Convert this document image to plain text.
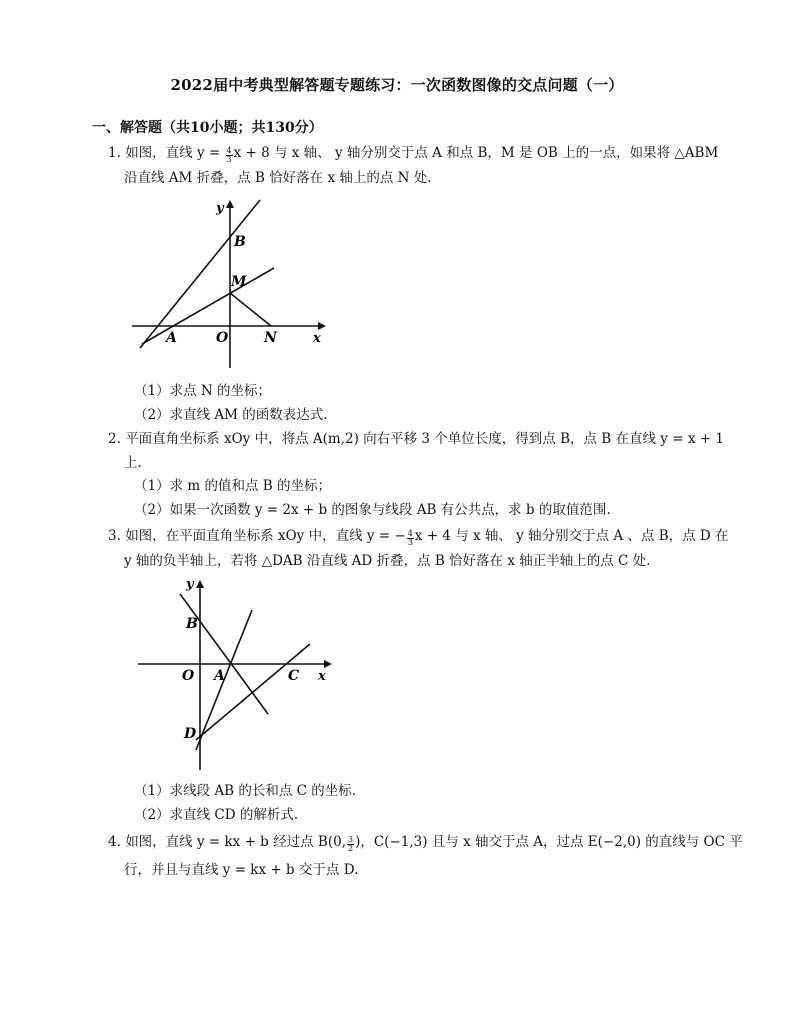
2022届中考典型解答题专题练习：一次函数图像的交点问题（一）
一、解答题（共10小题；共130分）
1. 如图，直线 $y = \frac{4}{3}$ x + 8 与 x 轴、 y 轴分别交于点 A 和点 B，M 是 OB 上的一点，如果将 △ABM
沿直线 AM 折叠，点 B 恰好落在 x 轴上的点 N 处.
y
x
B
M
A	O	N
（1）求点 N 的坐标；
（2）求直线 AM 的函数表达式.
2. 平面直角坐标系 xOy 中，将点 A(m,2) 向右平移 3 个单位长度，得到点 B，点 B 在直线 y = x + 1
上.
（1）求 m 的值和点 B 的坐标；
（2）如果一次函数 y = 2x + b 的图象与线段 AB 有公共点，求 b 的取值范围.
3. 如图，在平面直角坐标系 xOy 中，直线 y = − $\frac{4}{3}$ x + 4 与 x 轴、 y 轴分别交于点 A 、点 B，点 D 在
y 轴的负半轴上，若将 △DAB 沿直线 AD 折叠，点 B 恰好落在 x 轴正半轴上的点 C 处.
y
x
B
O A	C
D
（1）求线段 AB 的长和点 C 的坐标.
（2）求直线 CD 的解析式.
4. 如图，直线 y = kx + b 经过点 B(0, $\frac{3}{2}$ )，C(−1,3) 且与 x 轴交于点 A，过点 E(−2,0) 的直线与 OC 平
行，并且与直线 y = kx + b 交于点 D.
